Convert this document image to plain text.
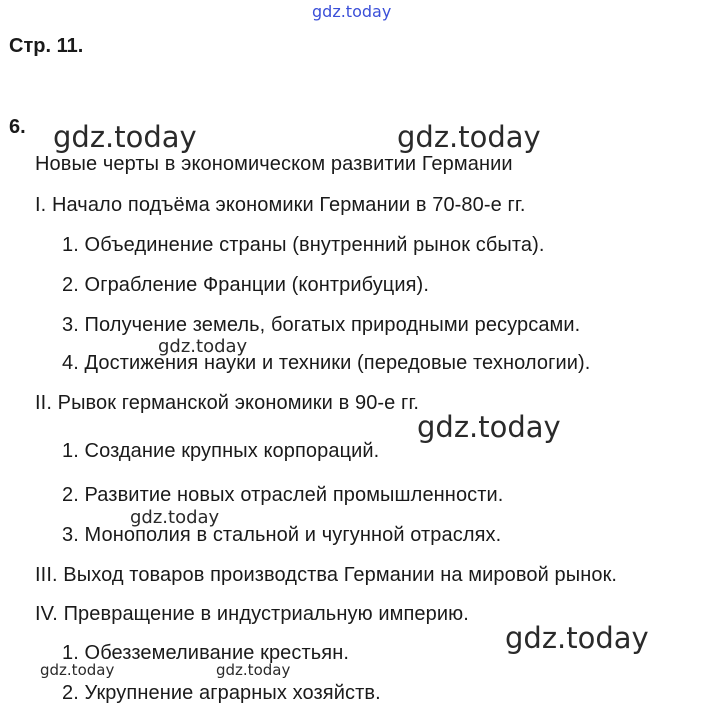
gdz.today
Стр. 11.
6. gdz.today	gdz.today
Новые черты в экономическом развитии Германии
I. Начало подъёма экономики Германии в 70-80-е гг.
1. Объединение страны (внутренний рынок сбыта).
2. Ограбление Франции (контрибуция).
3. Получение земель, богатых природными ресурсами.
gdz.today
4. Достижения науки и техники (передовые технологии).
II. Рывок германской экономики в 90-е гг.
gdz.today
1. Создание крупных корпораций.
2. Развитие новых отраслей промышленности.
gdz.today
3. Монополия в стальной и чугунной отраслях.
III. Выход товаров производства Германии на мировой рынок.
IV. Превращение в индустриальную империю.
gdz.today
1. Обезземеливание крестьян.
gdz.today	gdz.today
2. Укрупнение аграрных хозяйств.
